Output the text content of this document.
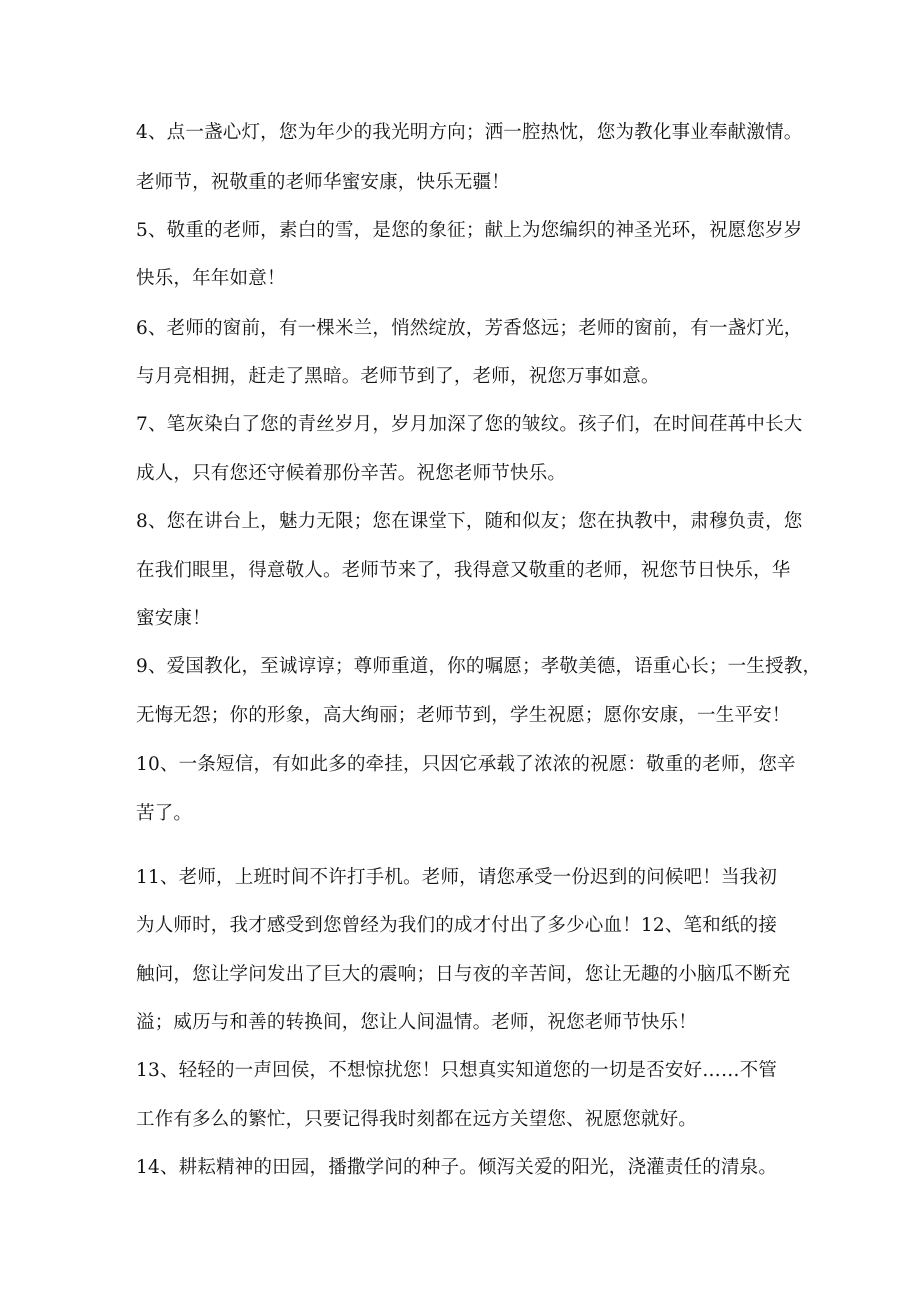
4、点一盏心灯，您为年少的我光明方向；洒一腔热忱，您为教化事业奉献激情。
老师节，祝敬重的老师华蜜安康，快乐无疆！
5、敬重的老师，素白的雪，是您的象征；献上为您编织的神圣光环，祝愿您岁岁
快乐，年年如意！
6、老师的窗前，有一棵米兰，悄然绽放，芳香悠远；老师的窗前，有一盏灯光，
与月亮相拥，赶走了黑暗。老师节到了，老师，祝您万事如意。
7、笔灰染白了您的青丝岁月，岁月加深了您的皱纹。孩子们，在时间荏苒中长大
成人，只有您还守候着那份辛苦。祝您老师节快乐。
8、您在讲台上，魅力无限；您在课堂下，随和似友；您在执教中，肃穆负责，您
在我们眼里，得意敬人。老师节来了，我得意又敬重的老师，祝您节日快乐，华
蜜安康！
9、爱国教化，至诚谆谆；尊师重道，你的嘱愿；孝敬美德，语重心长；一生授教，
无悔无怨；你的形象，高大绚丽；老师节到，学生祝愿；愿你安康，一生平安！
10、一条短信，有如此多的牵挂，只因它承载了浓浓的祝愿：敬重的老师，您辛
苦了。
11、老师，上班时间不许打手机。老师，请您承受一份迟到的问候吧！当我初
为人师时，我才感受到您曾经为我们的成才付出了多少心血！12、笔和纸的接
触问，您让学问发出了巨大的震响；日与夜的辛苦间，您让无趣的小脑瓜不断充
溢；威历与和善的转换间，您让人间温情。老师，祝您老师节快乐！
13、轻轻的一声回侯，不想惊扰您！只想真实知道您的一切是否安好……不管
工作有多么的繁忙，只要记得我时刻都在远方关望您、祝愿您就好。
14、耕耘精神的田园，播撒学问的种子。倾泻关爱的阳光，浇灌责任的清泉。
